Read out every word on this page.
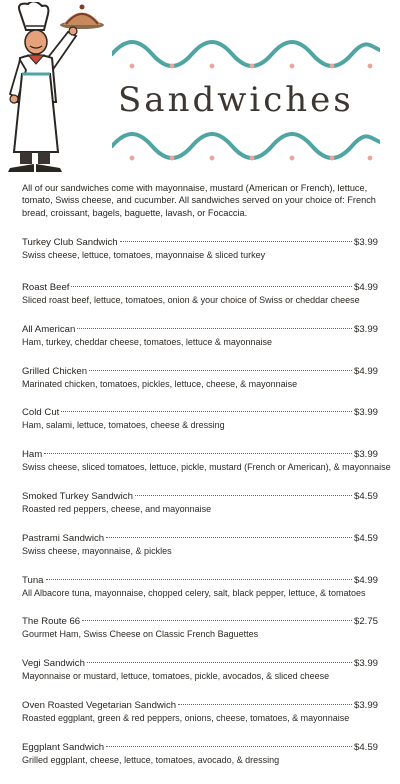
Sandwiches
All of our sandwiches come with mayonnaise, mustard (American or French), lettuce, tomato, Swiss cheese, and cucumber. All sandwiches served on your choice of: French bread, croissant, bagels, baguette, lavash, or Focaccia.
Turkey Club Sandwich	$3.99
Swiss cheese, lettuce, tomatoes, mayonnaise & sliced turkey
Roast Beef	$4.99
Sliced roast beef, lettuce, tomatoes, onion & your choice of Swiss or cheddar cheese
All American	$3.99
Ham, turkey, cheddar cheese, tomatoes, lettuce & mayonnaise
Grilled Chicken	$4.99
Marinated chicken, tomatoes, pickles, lettuce, cheese, & mayonnaise
Cold Cut	$3.99
Ham, salami, lettuce, tomatoes, cheese & dressing
Ham	$3.99
Swiss cheese, sliced tomatoes, lettuce, pickle, mustard (French or American), & mayonnaise
Smoked Turkey Sandwich	$4.59
Roasted red peppers, cheese, and mayonnaise
Pastrami Sandwich	$4.59
Swiss cheese, mayonnaise, & pickles
Tuna	$4.99
All Albacore tuna, mayonnaise, chopped celery, salt, black pepper, lettuce, & tomatoes
The Route 66	$2.75
Gourmet Ham, Swiss Cheese on Classic French Baguettes
Vegi Sandwich	$3.99
Mayonnaise or mustard, lettuce, tomatoes, pickle, avocados, & sliced cheese
Oven Roasted Vegetarian Sandwich	$3.99
Roasted eggplant, green & red peppers, onions, cheese, tomatoes, & mayonnaise
Eggplant Sandwich	$4.59
Grilled eggplant, cheese, lettuce, tomatoes, avocado, & dressing
